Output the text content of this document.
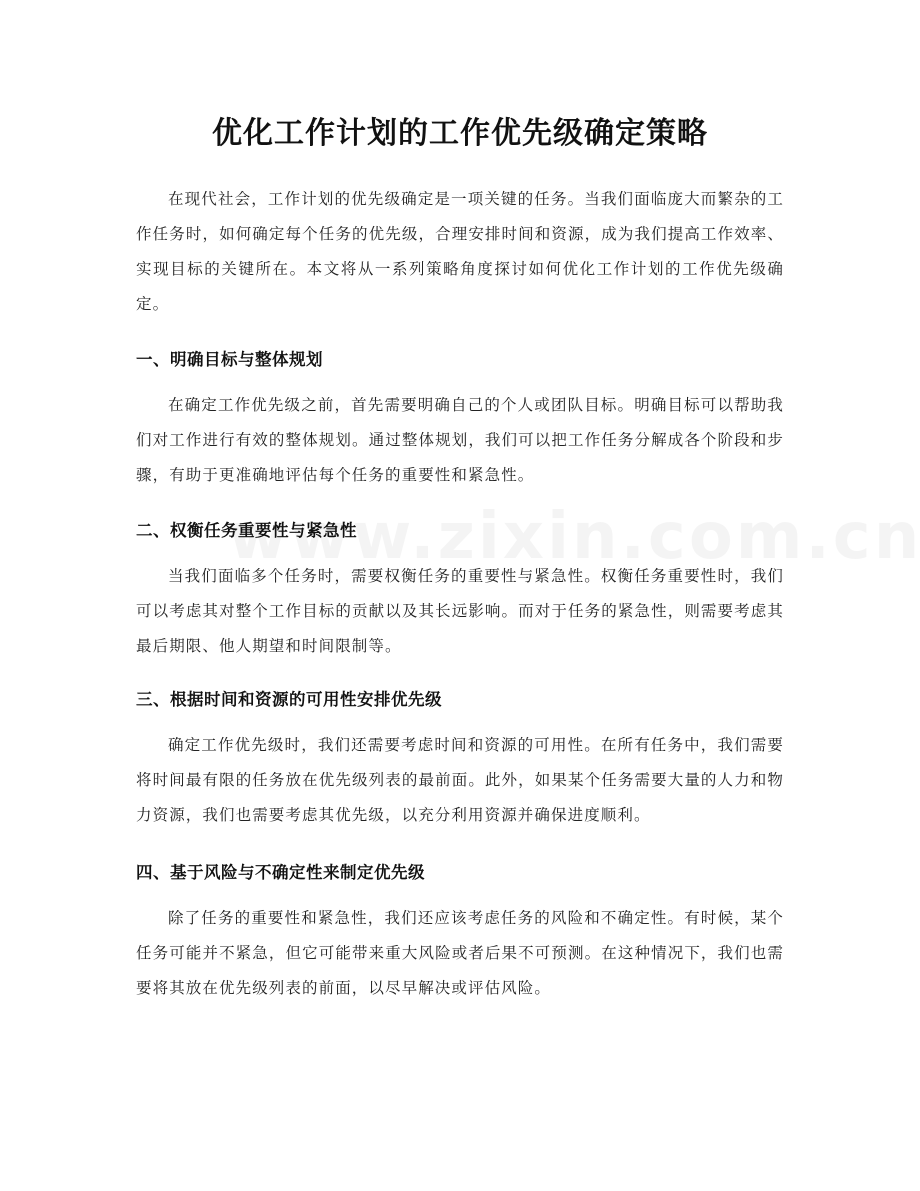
优化工作计划的工作优先级确定策略

在现代社会，工作计划的优先级确定是一项关键的任务。当我们面临庞大而繁杂的工作任务时，如何确定每个任务的优先级，合理安排时间和资源，成为我们提高工作效率、实现目标的关键所在。本文将从一系列策略角度探讨如何优化工作计划的工作优先级确定。

一、明确目标与整体规划

在确定工作优先级之前，首先需要明确自己的个人或团队目标。明确目标可以帮助我们对工作进行有效的整体规划。通过整体规划，我们可以把工作任务分解成各个阶段和步骤，有助于更准确地评估每个任务的重要性和紧急性。

二、权衡任务重要性与紧急性

当我们面临多个任务时，需要权衡任务的重要性与紧急性。权衡任务重要性时，我们可以考虑其对整个工作目标的贡献以及其长远影响。而对于任务的紧急性，则需要考虑其最后期限、他人期望和时间限制等。

三、根据时间和资源的可用性安排优先级

确定工作优先级时，我们还需要考虑时间和资源的可用性。在所有任务中，我们需要将时间最有限的任务放在优先级列表的最前面。此外，如果某个任务需要大量的人力和物力资源，我们也需要考虑其优先级，以充分利用资源并确保进度顺利。

四、基于风险与不确定性来制定优先级

除了任务的重要性和紧急性，我们还应该考虑任务的风险和不确定性。有时候，某个任务可能并不紧急，但它可能带来重大风险或者后果不可预测。在这种情况下，我们也需要将其放在优先级列表的前面，以尽早解决或评估风险。
